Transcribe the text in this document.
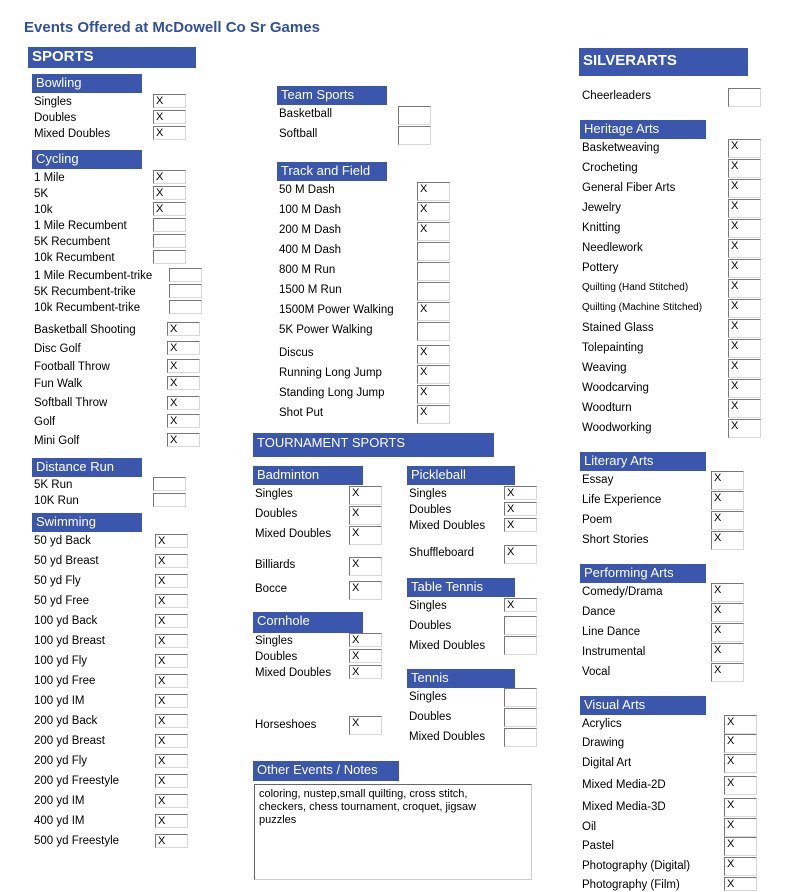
Events Offered at McDowell Co Sr Games
SPORTS	SILVERARTS
Bowling
Singles	X
Doubles	X
Mixed Doubles	X
Cycling
1 Mile	X
5K	X
10k	X
1 Mile Recumbent
5K Recumbent
10k Recumbent
1 Mile Recumbent-trike
5K Recumbent-trike
10k Recumbent-trike
Basketball Shooting	X
Disc Golf	X
Football Throw	X
Fun Walk	X
Softball Throw	X
Golf	X
Mini Golf	X
Distance Run
5K Run
10K Run
Swimming
50 yd Back	X
50 yd Breast	X
50 yd Fly	X
50 yd Free	X
100 yd Back	X
100 yd Breast	X
100 yd Fly	X
100 yd Free	X
100 yd IM	X
200 yd Back	X
200 yd Breast	X
200 yd Fly	X
200 yd Freestyle	X
200 yd IM	X
400 yd IM	X
500 yd Freestyle	X
Team Sports
Basketball
Softball
Track and Field
50 M Dash	X
100 M Dash	X
200 M Dash	X
400 M Dash
800 M Run
1500 M Run
1500M Power Walking X
5K Power Walking
Discus	X
Running Long Jump	X
Standing Long Jump	X
Shot Put	X
TOURNAMENT SPORTS
Badminton
Singles	X
Doubles	X
Mixed Doubles X
Billiards	X
Bocce	X
Cornhole
Singles	X
Doubles	X
Mixed Doubles X
Horseshoes	X
Pickleball
Singles	X
Doubles	X
Mixed Doubles X
Shuffleboard	X
Table Tennis
Singles	X
Doubles
Mixed Doubles
Tennis
Singles
Doubles
Mixed Doubles
Other Events / Notes
coloring, nustep,small quilting, cross stitch,
checkers, chess tournament, croquet, jigsaw
puzzles
Cheerleaders
Heritage Arts
Basketweaving	X
Crocheting	X
General Fiber Arts	X
Jewelry	X
Knitting	X
Needlework	X
Pottery	X
Quilting (Hand Stitched)	X
Quilting (Machine Stitched)	X
Stained Glass	X
Tolepainting	X
Weaving	X
Woodcarving	X
Woodturn	X
Woodworking	X
Literary Arts
Essay	X
Life Experience	X
Poem	X
Short Stories	X
Performing Arts
Comedy/Drama	X
Dance	X
Line Dance	X
Instrumental	X
Vocal	X
Visual Arts
Acrylics	X
Drawing	X
Digital Art	X
Mixed Media-2D	X
Mixed Media-3D	X
Oil	X
Pastel	X
Photography (Digital)	X
Photography (Film)	X
